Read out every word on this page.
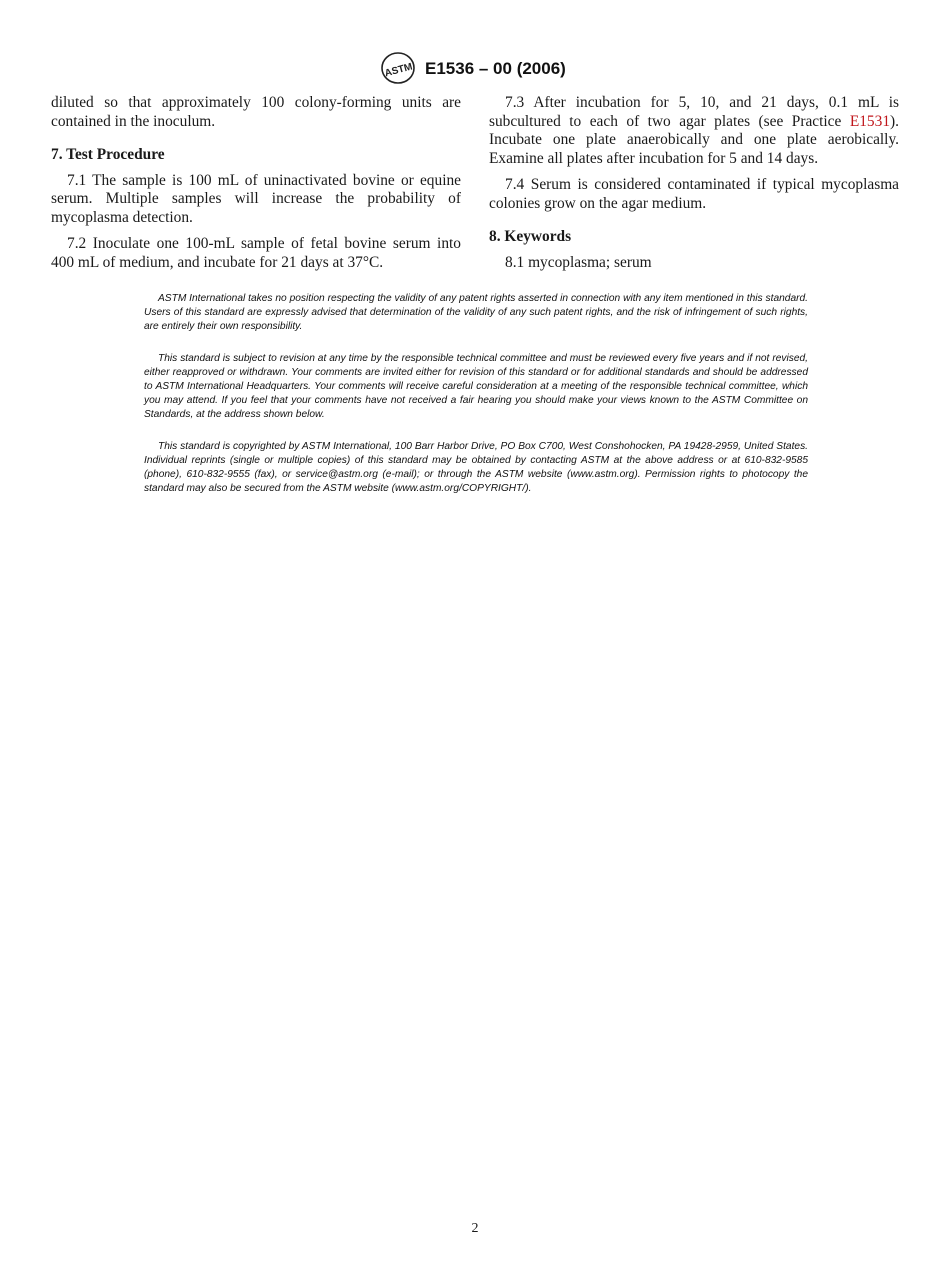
ASTM E1536 – 00 (2006)

diluted so that approximately 100 colony-forming units are contained in the inoculum.

7. Test Procedure

7.1 The sample is 100 mL of uninactivated bovine or equine serum. Multiple samples will increase the probability of mycoplasma detection.

7.2 Inoculate one 100-mL sample of fetal bovine serum into 400 mL of medium, and incubate for 21 days at 37°C.

7.3 After incubation for 5, 10, and 21 days, 0.1 mL is subcultured to each of two agar plates (see Practice E1531). Incubate one plate anaerobically and one plate aerobically. Examine all plates after incubation for 5 and 14 days.

7.4 Serum is considered contaminated if typical mycoplasma colonies grow on the agar medium.

8. Keywords

8.1 mycoplasma; serum

ASTM International takes no position respecting the validity of any patent rights asserted in connection with any item mentioned in this standard. Users of this standard are expressly advised that determination of the validity of any such patent rights, and the risk of infringement of such rights, are entirely their own responsibility.

This standard is subject to revision at any time by the responsible technical committee and must be reviewed every five years and if not revised, either reapproved or withdrawn. Your comments are invited either for revision of this standard or for additional standards and should be addressed to ASTM International Headquarters. Your comments will receive careful consideration at a meeting of the responsible technical committee, which you may attend. If you feel that your comments have not received a fair hearing you should make your views known to the ASTM Committee on Standards, at the address shown below.

This standard is copyrighted by ASTM International, 100 Barr Harbor Drive, PO Box C700, West Conshohocken, PA 19428-2959, United States. Individual reprints (single or multiple copies) of this standard may be obtained by contacting ASTM at the above address or at 610-832-9585 (phone), 610-832-9555 (fax), or service@astm.org (e-mail); or through the ASTM website (www.astm.org). Permission rights to photocopy the standard may also be secured from the ASTM website (www.astm.org/COPYRIGHT/).

2
